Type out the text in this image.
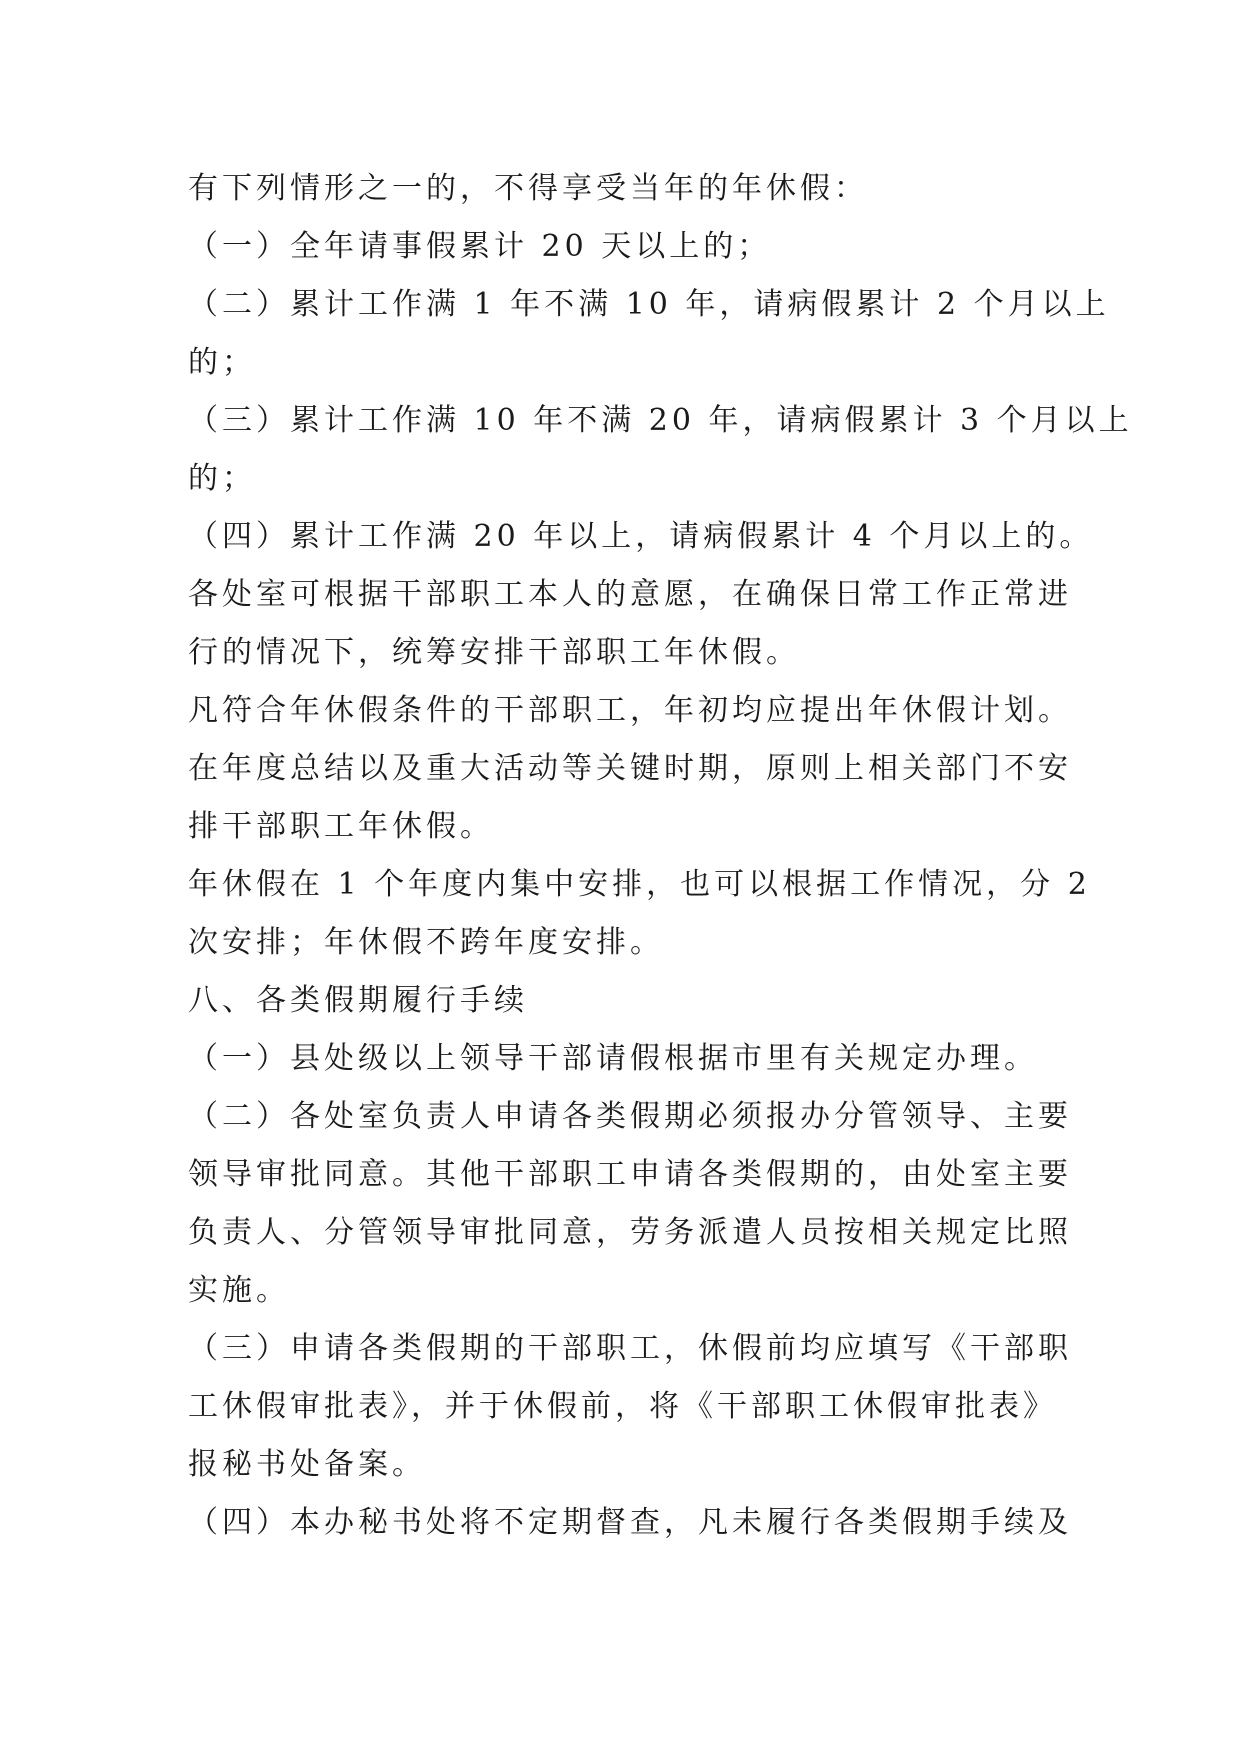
有下列情形之一的，不得享受当年的年休假：

（一）全年请事假累计 20 天以上的；

（二）累计工作满 1 年不满 10 年，请病假累计 2 个月以上

的；

（三）累计工作满 10 年不满 20 年，请病假累计 3 个月以上

的；

（四）累计工作满 20 年以上，请病假累计 4 个月以上的。

各处室可根据干部职工本人的意愿，在确保日常工作正常进

行的情况下，统筹安排干部职工年休假。

凡符合年休假条件的干部职工，年初均应提出年休假计划。

在年度总结以及重大活动等关键时期，原则上相关部门不安

排干部职工年休假。

年休假在 1 个年度内集中安排，也可以根据工作情况，分 2

次安排；年休假不跨年度安排。

八、各类假期履行手续

（一）县处级以上领导干部请假根据市里有关规定办理。

（二）各处室负责人申请各类假期必须报办分管领导、主要

领导审批同意。其他干部职工申请各类假期的，由处室主要

负责人、分管领导审批同意，劳务派遣人员按相关规定比照

实施。

（三）申请各类假期的干部职工，休假前均应填写《干部职

工休假审批表》，并于休假前，将《干部职工休假审批表》

报秘书处备案。

（四）本办秘书处将不定期督查，凡未履行各类假期手续及
